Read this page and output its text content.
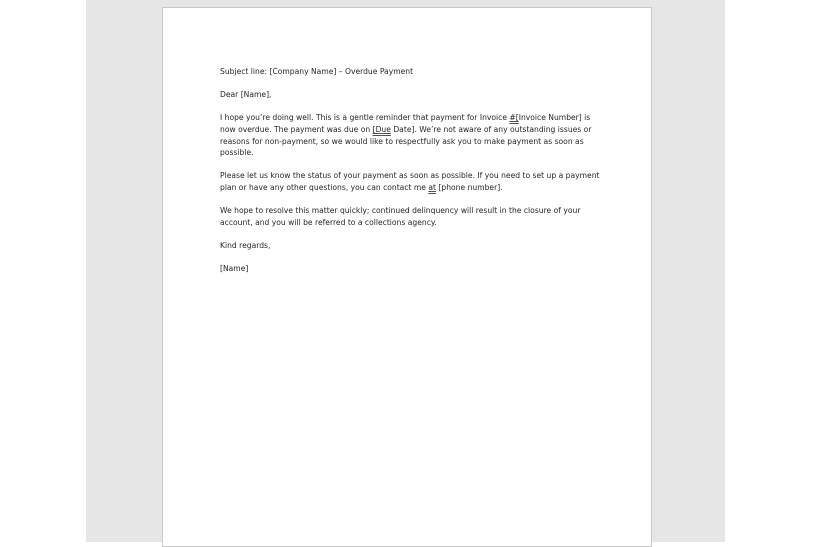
Subject line: [Company Name] – Overdue Payment

Dear [Name],

I hope you’re doing well. This is a gentle reminder that payment for Invoice #[Invoice Number] is now overdue. The payment was due on [Due Date]. We’re not aware of any outstanding issues or reasons for non-payment, so we would like to respectfully ask you to make payment as soon as possible.

Please let us know the status of your payment as soon as possible. If you need to set up a payment plan or have any other questions, you can contact me at [phone number].

We hope to resolve this matter quickly; continued delinquency will result in the closure of your account, and you will be referred to a collections agency.

Kind regards,

[Name]
